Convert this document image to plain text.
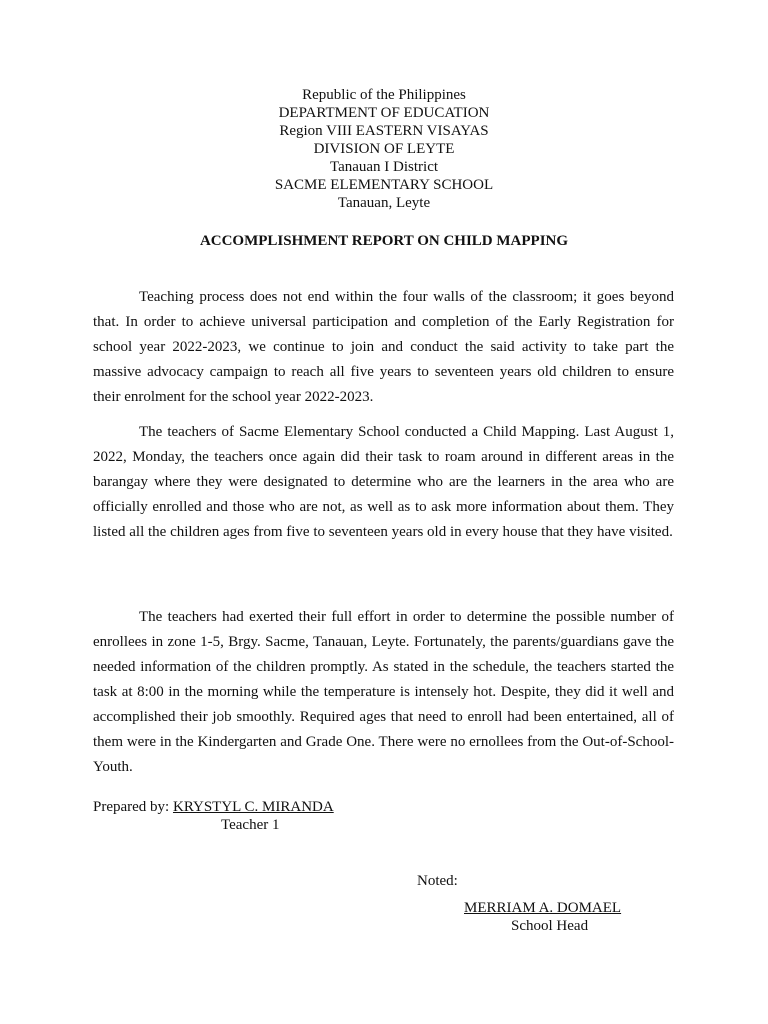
Republic of the Philippines
DEPARTMENT OF EDUCATION
Region VIII EASTERN VISAYAS
DIVISION OF LEYTE
Tanauan I District
SACME ELEMENTARY SCHOOL
Tanauan, Leyte
ACCOMPLISHMENT REPORT ON CHILD MAPPING

Teaching process does not end within the four walls of the classroom; it goes beyond that. In order to achieve universal participation and completion of the Early Registration for school year 2022-2023, we continue to join and conduct the said activity to take part the massive advocacy campaign to reach all five years to seventeen years old children to ensure their enrolment for the school year 2022-2023.

The teachers of Sacme Elementary School conducted a Child Mapping. Last August 1, 2022, Monday, the teachers once again did their task to roam around in different areas in the barangay where they were designated to determine who are the learners in the area who are officially enrolled and those who are not, as well as to ask more information about them. They listed all the children ages from five to seventeen years old in every house that they have visited.

The teachers had exerted their full effort in order to determine the possible number of enrollees in zone 1-5, Brgy. Sacme, Tanauan, Leyte. Fortunately, the parents/guardians gave the needed information of the children promptly. As stated in the schedule, the teachers started the task at 8:00 in the morning while the temperature is intensely hot. Despite, they did it well and accomplished their job smoothly. Required ages that need to enroll had been entertained, all of them were in the Kindergarten and Grade One. There were no ernollees from the Out-of-School-Youth.

Prepared by: KRYSTYL C. MIRANDA
Teacher 1
Noted:
MERRIAM A. DOMAEL
School Head
